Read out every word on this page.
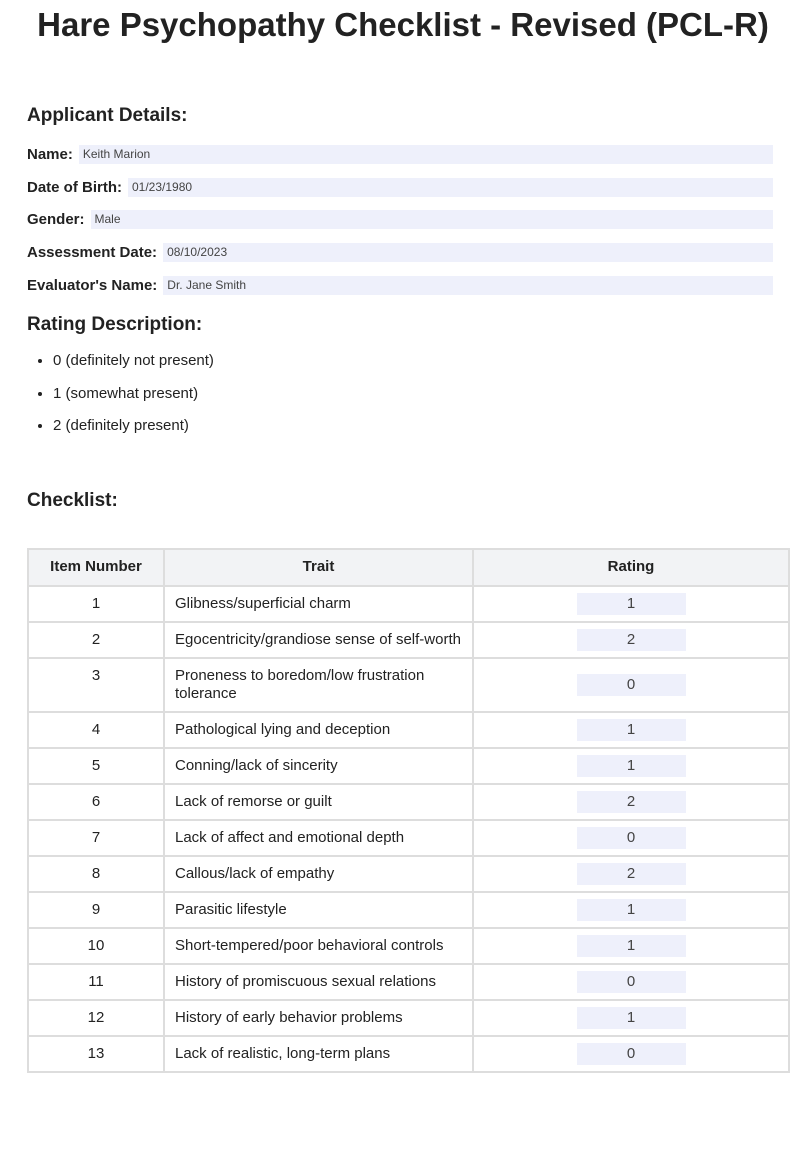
Hare Psychopathy Checklist - Revised (PCL-R)
Applicant Details:
Name: Keith Marion
Date of Birth: 01/23/1980
Gender: Male
Assessment Date: 08/10/2023
Evaluator's Name: Dr. Jane Smith
Rating Description:
• 0 (definitely not present)
• 1 (somewhat present)
• 2 (definitely present)
Checklist:
Item Number	Trait	Rating
1	Glibness/superficial charm	1
2	Egocentricity/grandiose sense of self-worth	2
3	Proneness to boredom/low frustration tolerance	0
4	Pathological lying and deception	1
5	Conning/lack of sincerity	1
6	Lack of remorse or guilt	2
7	Lack of affect and emotional depth	0
8	Callous/lack of empathy	2
9	Parasitic lifestyle	1
10	Short-tempered/poor behavioral controls	1
11	History of promiscuous sexual relations	0
12	History of early behavior problems	1
13	Lack of realistic, long-term plans	0
